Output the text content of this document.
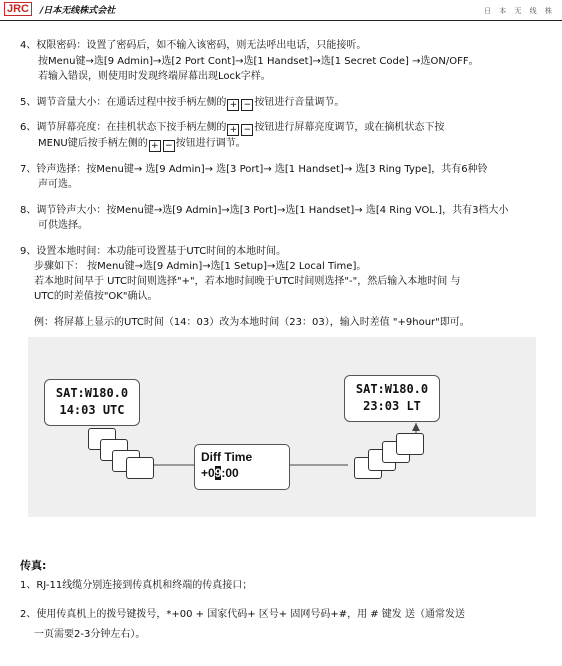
JRC	/日本无线株式会社	日 本 无 线 株
4、权限密码：设置了密码后，如不输入该密码，则无法呼出电话，只能接听。
按Menu键→选[9 Admin]→选[2 Port Cont]→选[1 Handset]→选[1 Secret Code] →选ON/OFF。
若输入错误，则使用时发现终端屏幕出现Lock字样。
5、调节音量大小：在通话过程中按手柄左侧的 + − 按钮进行音量调节。
6、调节屏幕亮度：在挂机状态下按手柄左侧的 + − 按钮进行屏幕亮度调节，或在摘机状态下按
MENU键后按手柄左侧的 + − 按钮进行调节。
7、铃声选择：按Menu键→ 选[9 Admin]→ 选[3 Port]→ 选[1 Handset]→ 选[3 Ring Type]，共有6种铃
声可选。
8、调节铃声大小：按Menu键→选[9 Admin]→选[3 Port]→选[1 Handset]→ 选[4 Ring VOL.]，共有3档大小
可供选择。
9、设置本地时间：本功能可设置基于UTC时间的本地时间。
步骤如下： 按Menu键→选[9 Admin]→选[1 Setup]→选[2 Local Time]。
若本地时间早于 UTC时间则选择"+"，若本地时间晚于UTC时间则选择"-"，然后输入本地时间 与
UTC的时差值按"OK"确认。
例：将屏幕上显示的UTC时间（14：03）改为本地时间（23：03），输入时差值 "+9hour"即可。
SAT:W180.0
14:03 UTC
Diff Time
+09:00
SAT:W180.0
23:03 LT
传真:
1、RJ-11线缆分别连接到传真机和终端的传真接口；
2、使用传真机上的拨号键拨号，*+00 + 国家代码+ 区号+ 固网号码+#，用 # 键发 送（通常发送
一页需要2-3分钟左右）。
